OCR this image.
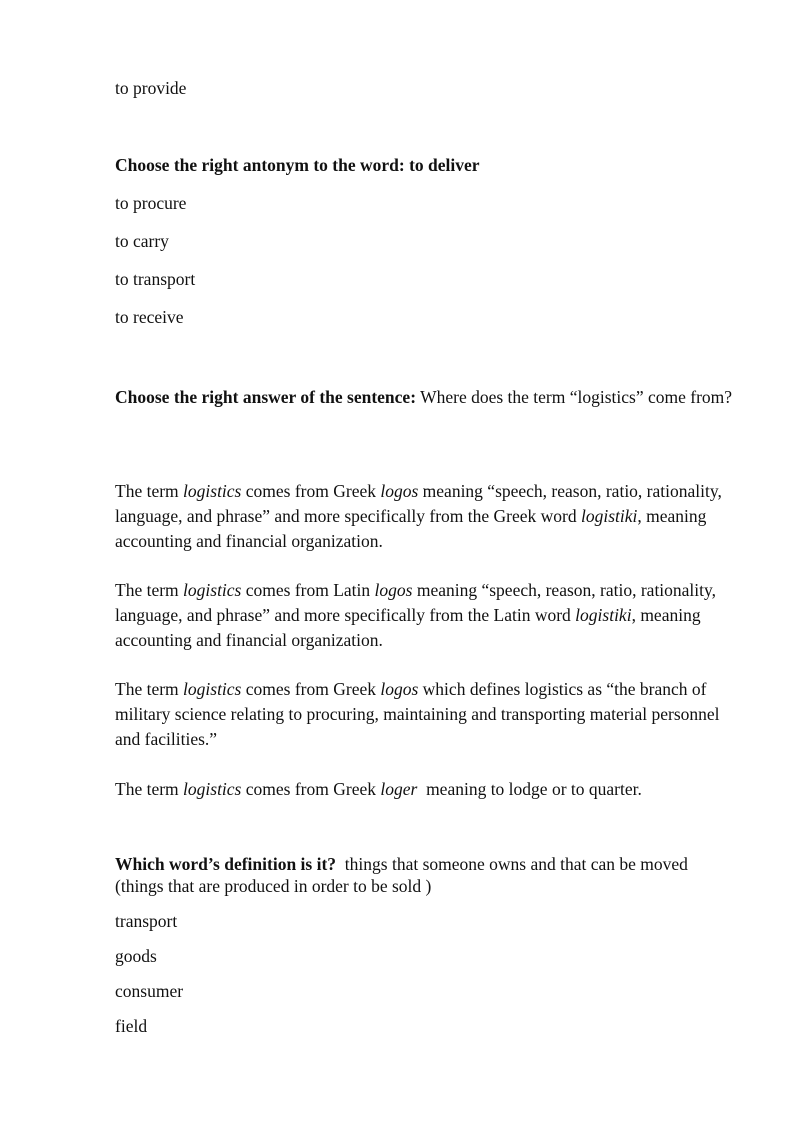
to provide
Choose the right antonym to the word: to deliver
to procure
to carry
to transport
to receive
Choose the right answer of the sentence: Where does the term “logistics” come from?
The term logistics comes from Greek logos meaning “speech, reason, ratio, rationality, language, and phrase” and more specifically from the Greek word logistiki, meaning accounting and financial organization.
The term logistics comes from Latin logos meaning “speech, reason, ratio, rationality, language, and phrase” and more specifically from the Latin word logistiki, meaning accounting and financial organization.
The term logistics comes from Greek logos which defines logistics as “the branch of military science relating to procuring, maintaining and transporting material personnel and facilities.”
The term logistics comes from Greek loger  meaning to lodge or to quarter.
Which word’s definition is it?  things that someone owns and that can be moved (things that are produced in order to be sold )
transport
goods
consumer
field
